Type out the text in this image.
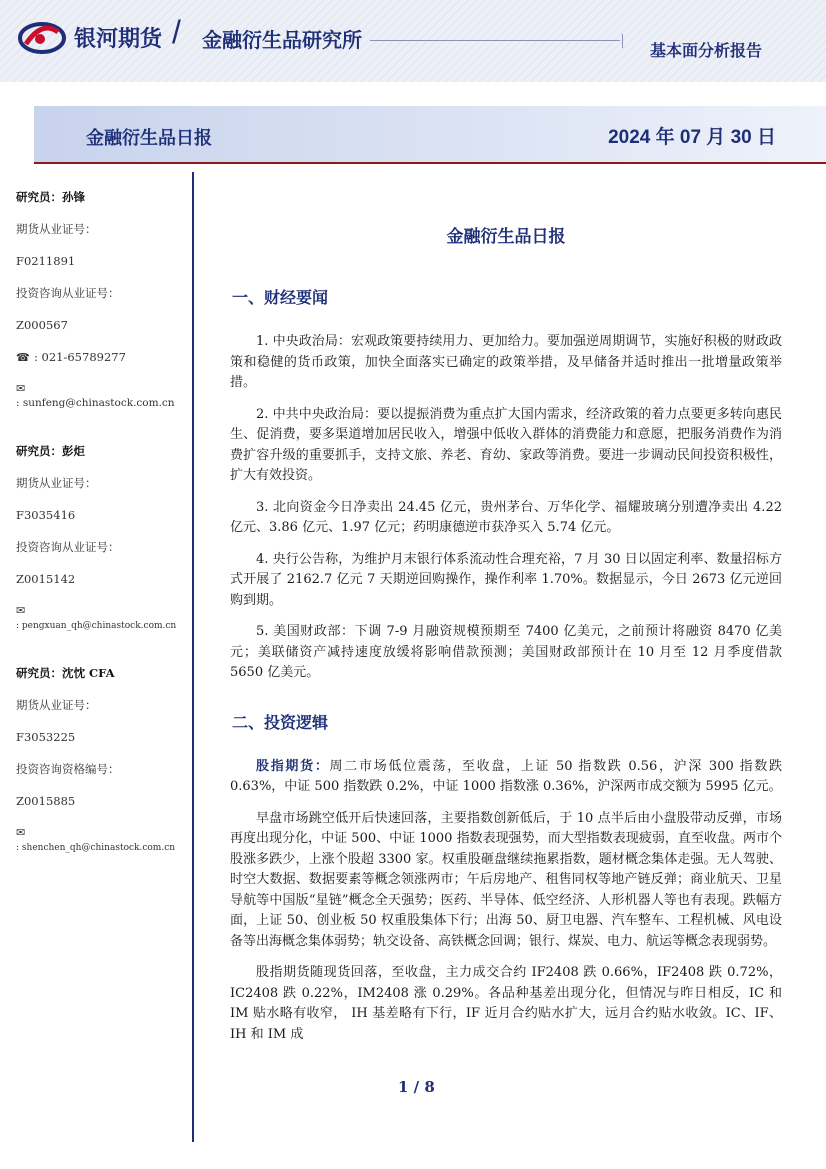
银河期货 / 金融衍生品研究所	基本面分析报告
金融衍生品日报	2024 年 07 月 30 日
研究员：孙锋
期货从业证号：
F0211891
投资咨询从业证号：
Z000567
☎ : 021-65789277
✉: sunfeng@chinastock.com.cn
研究员：彭炬
期货从业证号：
F3035416
投资咨询从业证号：
Z0015142
✉: pengxuan_qh@chinastock.com.cn
研究员：沈忱 CFA
期货从业证号：
F3053225
投资咨询资格编号：
Z0015885
✉: shenchen_qh@chinastock.com.cn
金融衍生品日报
一、财经要闻

1. 中央政治局：宏观政策要持续用力、更加给力。要加强逆周期调节，实施好积极的财政政策和稳健的货币政策，加快全面落实已确定的政策举措，及早储备并适时推出一批增量政策举措。

2. 中共中央政治局：要以提振消费为重点扩大国内需求，经济政策的着力点要更多转向惠民生、促消费，要多渠道增加居民收入，增强中低收入群体的消费能力和意愿，把服务消费作为消费扩容升级的重要抓手，支持文旅、养老、育幼、家政等消费。要进一步调动民间投资积极性，扩大有效投资。

3. 北向资金今日净卖出 24.45 亿元，贵州茅台、万华化学、福耀玻璃分别遭净卖出 4.22 亿元、3.86 亿元、1.97 亿元；药明康德逆市获净买入 5.74 亿元。

4. 央行公告称，为维护月末银行体系流动性合理充裕，7 月 30 日以固定利率、数量招标方式开展了 2162.7 亿元 7 天期逆回购操作，操作利率 1.70%。数据显示，今日 2673 亿元逆回购到期。

5. 美国财政部：下调 7-9 月融资规模预期至 7400 亿美元，之前预计将融资 8470 亿美元；美联储资产减持速度放缓将影响借款预测；美国财政部预计在 10 月至 12 月季度借款 5650 亿美元。

二、投资逻辑

股指期货：周二市场低位震荡，至收盘，上证 50 指数跌 0.56，沪深 300 指数跌 0.63%，中证 500 指数跌 0.2%，中证 1000 指数涨 0.36%，沪深两市成交额为 5995 亿元。

早盘市场跳空低开后快速回落，主要指数创新低后，于 10 点半后由小盘股带动反弹，市场再度出现分化，中证 500、中证 1000 指数表现强势，而大型指数表现疲弱，直至收盘。两市个股涨多跌少，上涨个股超 3300 家。权重股砸盘继续拖累指数，题材概念集体走强。无人驾驶、时空大数据、数据要素等概念领涨两市；午后房地产、租售同权等地产链反弹；商业航天、卫星导航等中国版“星链”概念全天强势；医药、半导体、低空经济、人形机器人等也有表现。跌幅方面，上证 50、创业板 50 权重股集体下行；出海 50、厨卫电器、汽车整车、工程机械、风电设备等出海概念集体弱势；轨交设备、高铁概念回调；银行、煤炭、电力、航运等概念表现弱势。

股指期货随现货回落，至收盘，主力成交合约 IF2408 跌 0.66%，IF2408 跌 0.72%，IC2408 跌 0.22%，IM2408 涨 0.29%。各品种基差出现分化，但情况与昨日相反，IC 和 IM 贴水略有收窄， IH 基差略有下行，IF 近月合约贴水扩大，远月合约贴水收敛。IC、IF、IH 和 IM 成

1 / 8
